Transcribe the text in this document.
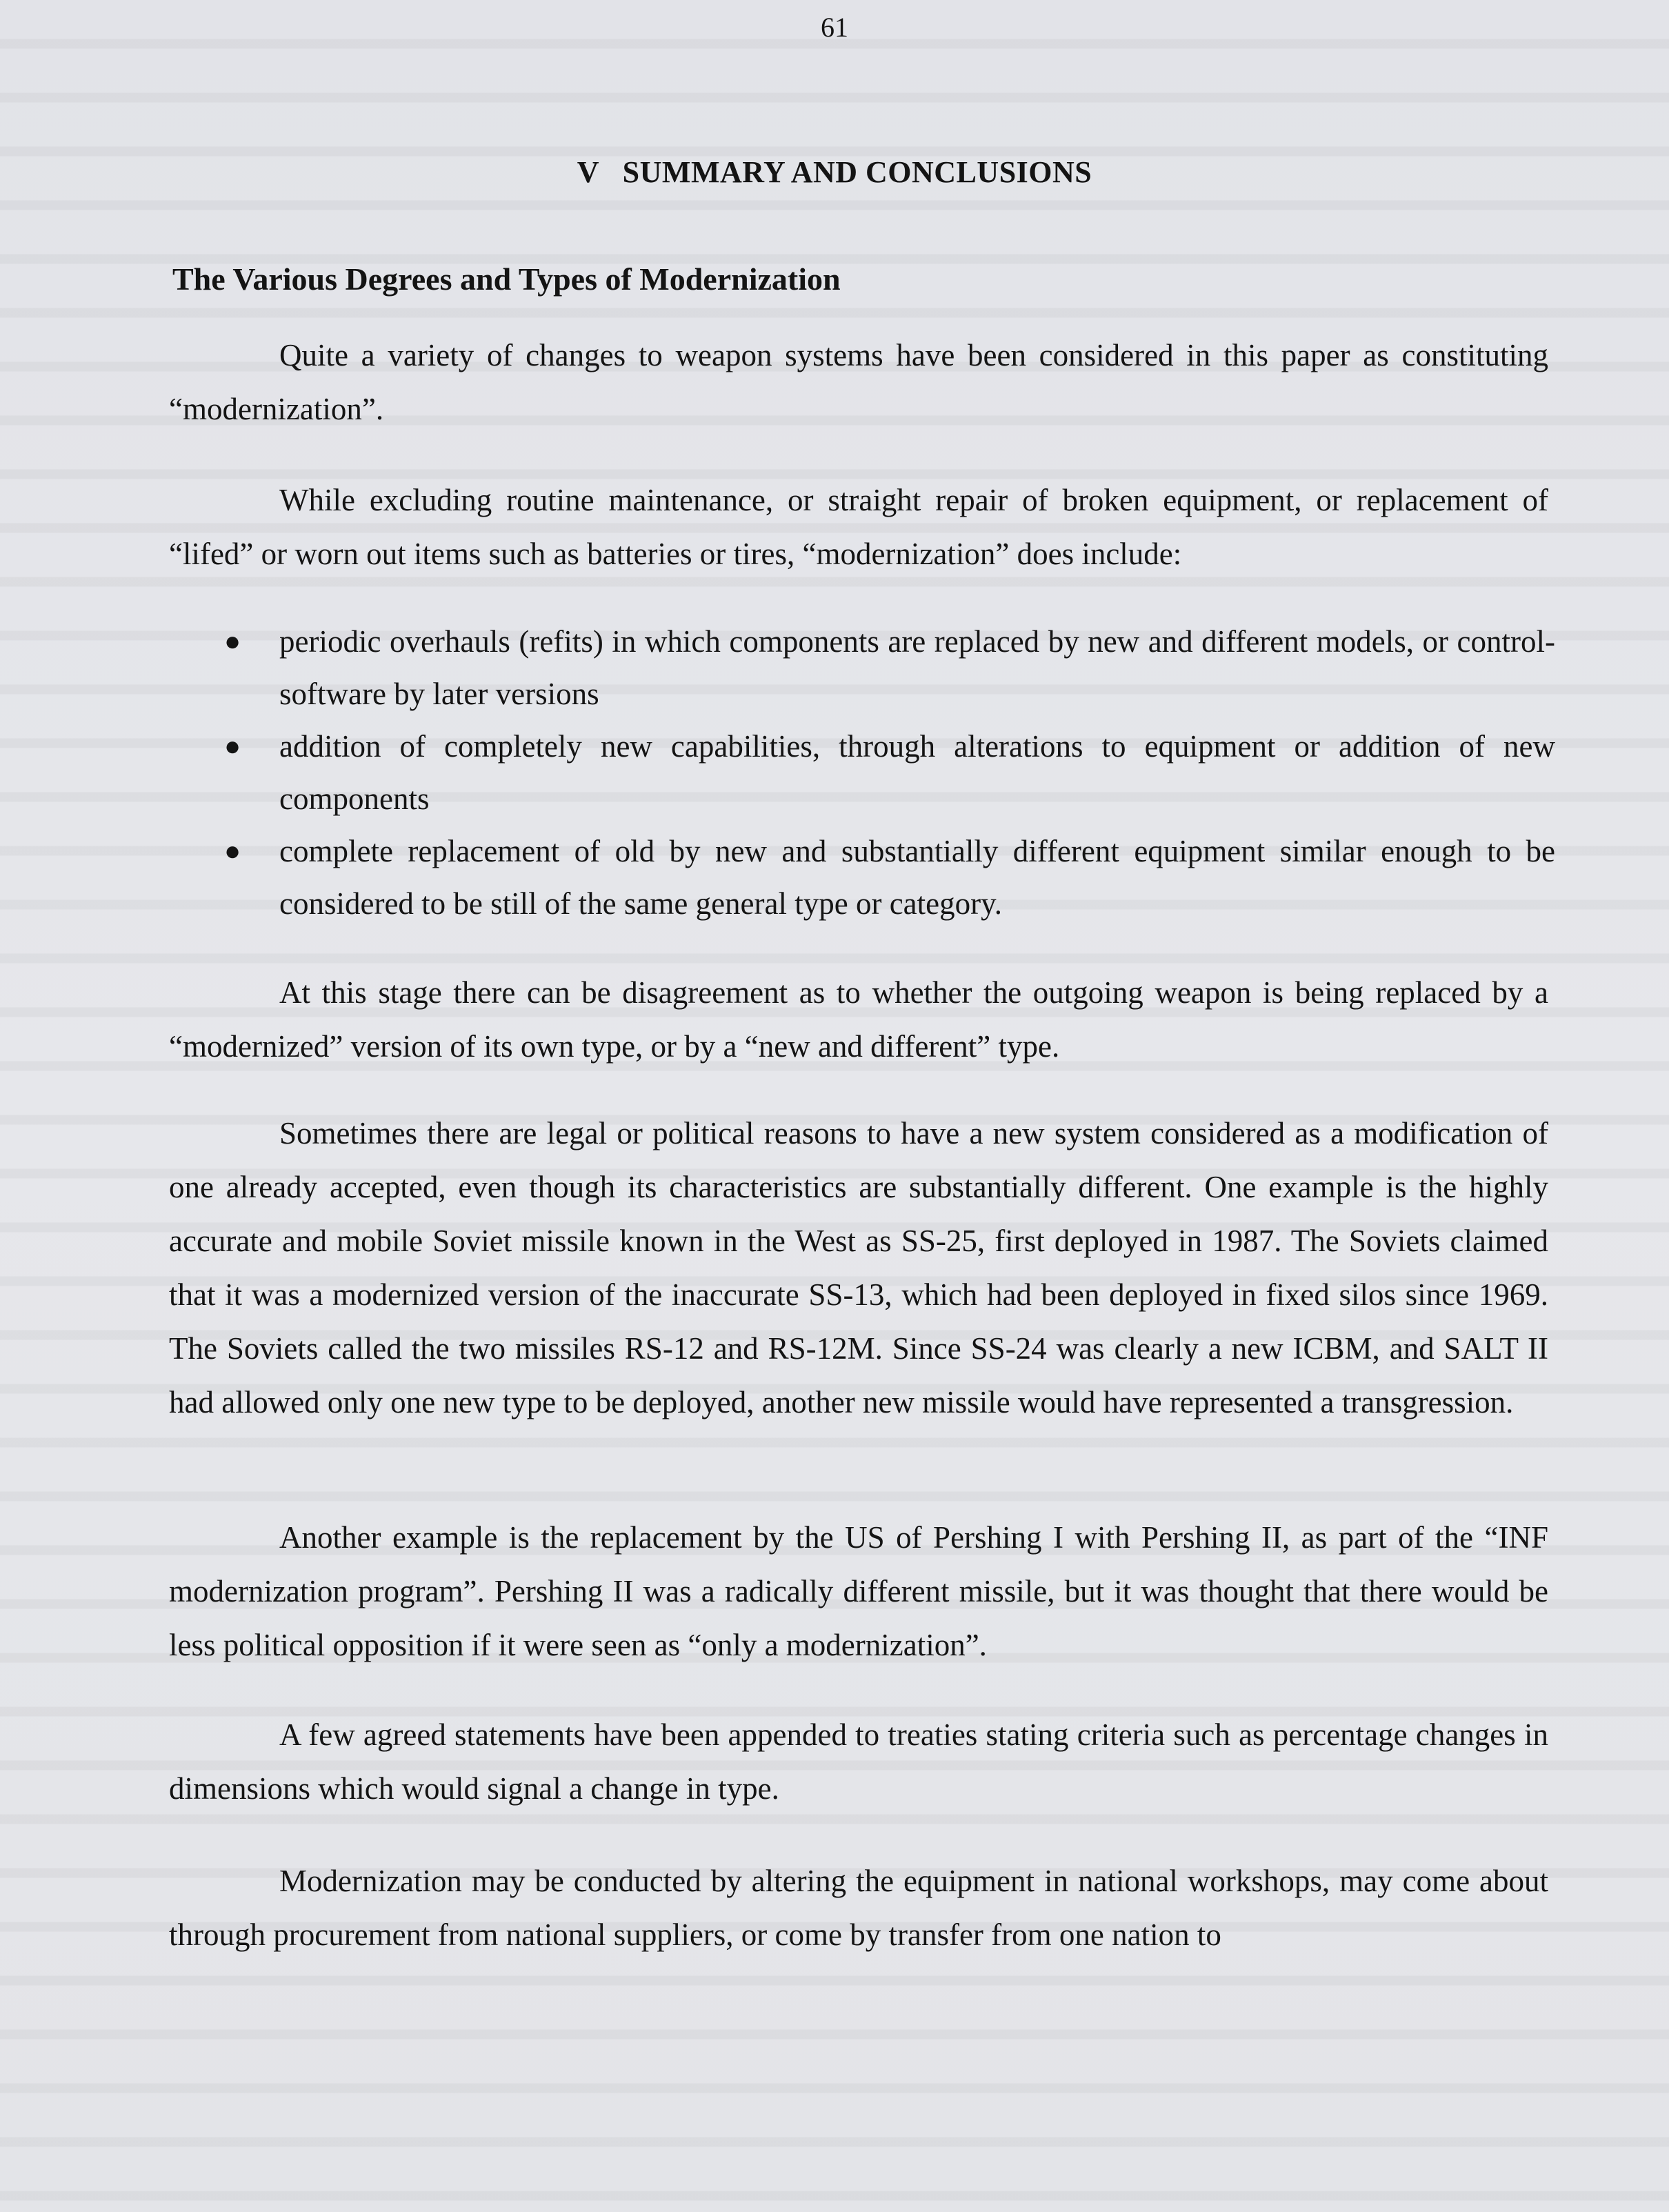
61
V   SUMMARY AND CONCLUSIONS
The Various Degrees and Types of Modernization

Quite a variety of changes to weapon systems have been considered in this paper as constituting “modernization”.

While excluding routine maintenance, or straight repair of broken equipment, or replacement of “lifed” or worn out items such as batteries or tires, “modernization” does include:

● periodic overhauls (refits) in which components are replaced by new and different models, or control-software by later versions
● addition of completely new capabilities, through alterations to equipment or addition of new components
● complete replacement of old by new and substantially different equipment similar enough to be considered to be still of the same general type or category.

At this stage there can be disagreement as to whether the outgoing weapon is being replaced by a “modernized” version of its own type, or by a “new and different” type.

Sometimes there are legal or political reasons to have a new system considered as a modification of one already accepted, even though its characteristics are substantially different. One example is the highly accurate and mobile Soviet missile known in the West as SS-25, first deployed in 1987. The Soviets claimed that it was a modernized version of the inaccurate SS-13, which had been deployed in fixed silos since 1969. The Soviets called the two missiles RS-12 and RS-12M. Since SS-24 was clearly a new ICBM, and SALT II had allowed only one new type to be deployed, another new missile would have represented a transgression.

Another example is the replacement by the US of Pershing I with Pershing II, as part of the “INF modernization program”. Pershing II was a radically different missile, but it was thought that there would be less political opposition if it were seen as “only a modernization”.

A few agreed statements have been appended to treaties stating criteria such as percentage changes in dimensions which would signal a change in type.

Modernization may be conducted by altering the equipment in national workshops, may come about through procurement from national suppliers, or come by transfer from one nation to
